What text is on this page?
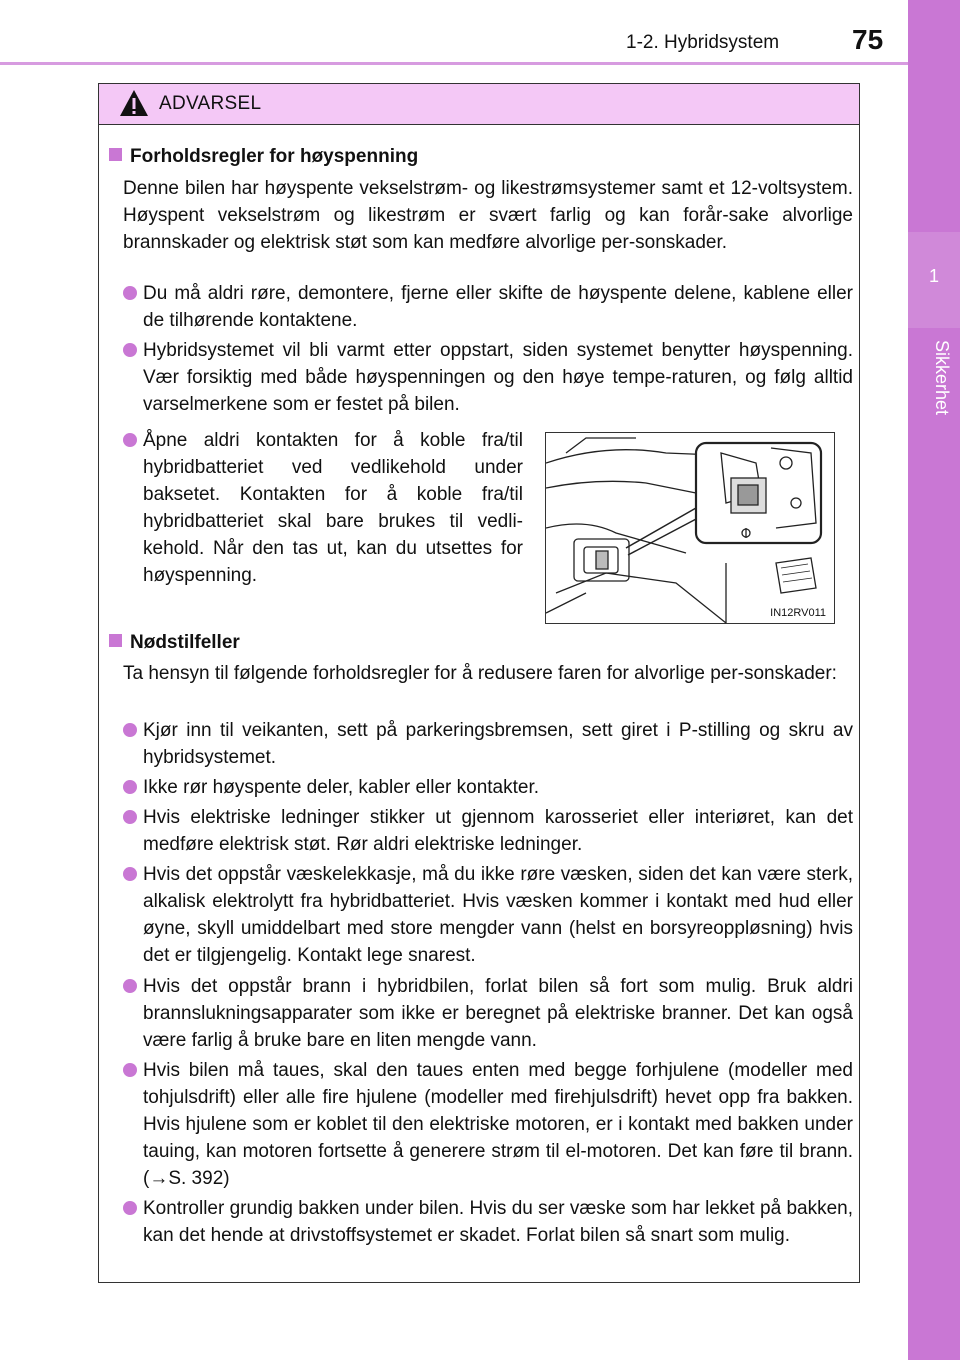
1-2. Hybridsystem	75
1
Sikkerhet
ADVARSEL
Forholdsregler for høyspenning
Denne bilen har høyspente vekselstrøm- og likestrømsystemer samt et 12-voltsystem. Høyspent vekselstrøm og likestrøm er svært farlig og kan forår-sake alvorlige brannskader og elektrisk støt som kan medføre alvorlige per-sonskader.
Du må aldri røre, demontere, fjerne eller skifte de høyspente delene, kablene eller de tilhørende kontaktene.
Hybridsystemet vil bli varmt etter oppstart, siden systemet benytter høyspenning. Vær forsiktig med både høyspenningen og den høye tempe-raturen, og følg alltid varselmerkene som er festet på bilen.
Åpne aldri kontakten for å koble fra/til hybridbatteriet ved vedlikehold under baksetet. Kontakten for å koble fra/til hybridbatteriet skal bare brukes til vedli-kehold. Når den tas ut, kan du utsettes for høyspenning.
IN12RV011
Nødstilfeller
Ta hensyn til følgende forholdsregler for å redusere faren for alvorlige per-sonskader:
Kjør inn til veikanten, sett på parkeringsbremsen, sett giret i P-stilling og skru av hybridsystemet.
Ikke rør høyspente deler, kabler eller kontakter.
Hvis elektriske ledninger stikker ut gjennom karosseriet eller interiøret, kan det medføre elektrisk støt. Rør aldri elektriske ledninger.
Hvis det oppstår væskelekkasje, må du ikke røre væsken, siden det kan være sterk, alkalisk elektrolytt fra hybridbatteriet. Hvis væsken kommer i kontakt med hud eller øyne, skyll umiddelbart med store mengder vann (helst en borsyreoppløsning) hvis det er tilgjengelig. Kontakt lege snarest.
Hvis det oppstår brann i hybridbilen, forlat bilen så fort som mulig. Bruk aldri brannslukningsapparater som ikke er beregnet på elektriske branner. Det kan også være farlig å bruke bare en liten mengde vann.
Hvis bilen må taues, skal den taues enten med begge forhjulene (modeller med tohjulsdrift) eller alle fire hjulene (modeller med firehjulsdrift) hevet opp fra bakken. Hvis hjulene som er koblet til den elektriske motoren, er i kontakt med bakken under tauing, kan motoren fortsette å generere strøm til el-motoren. Det kan føre til brann. (→S. 392)
Kontroller grundig bakken under bilen. Hvis du ser væske som har lekket på bakken, kan det hende at drivstoffsystemet er skadet. Forlat bilen så snart som mulig.
